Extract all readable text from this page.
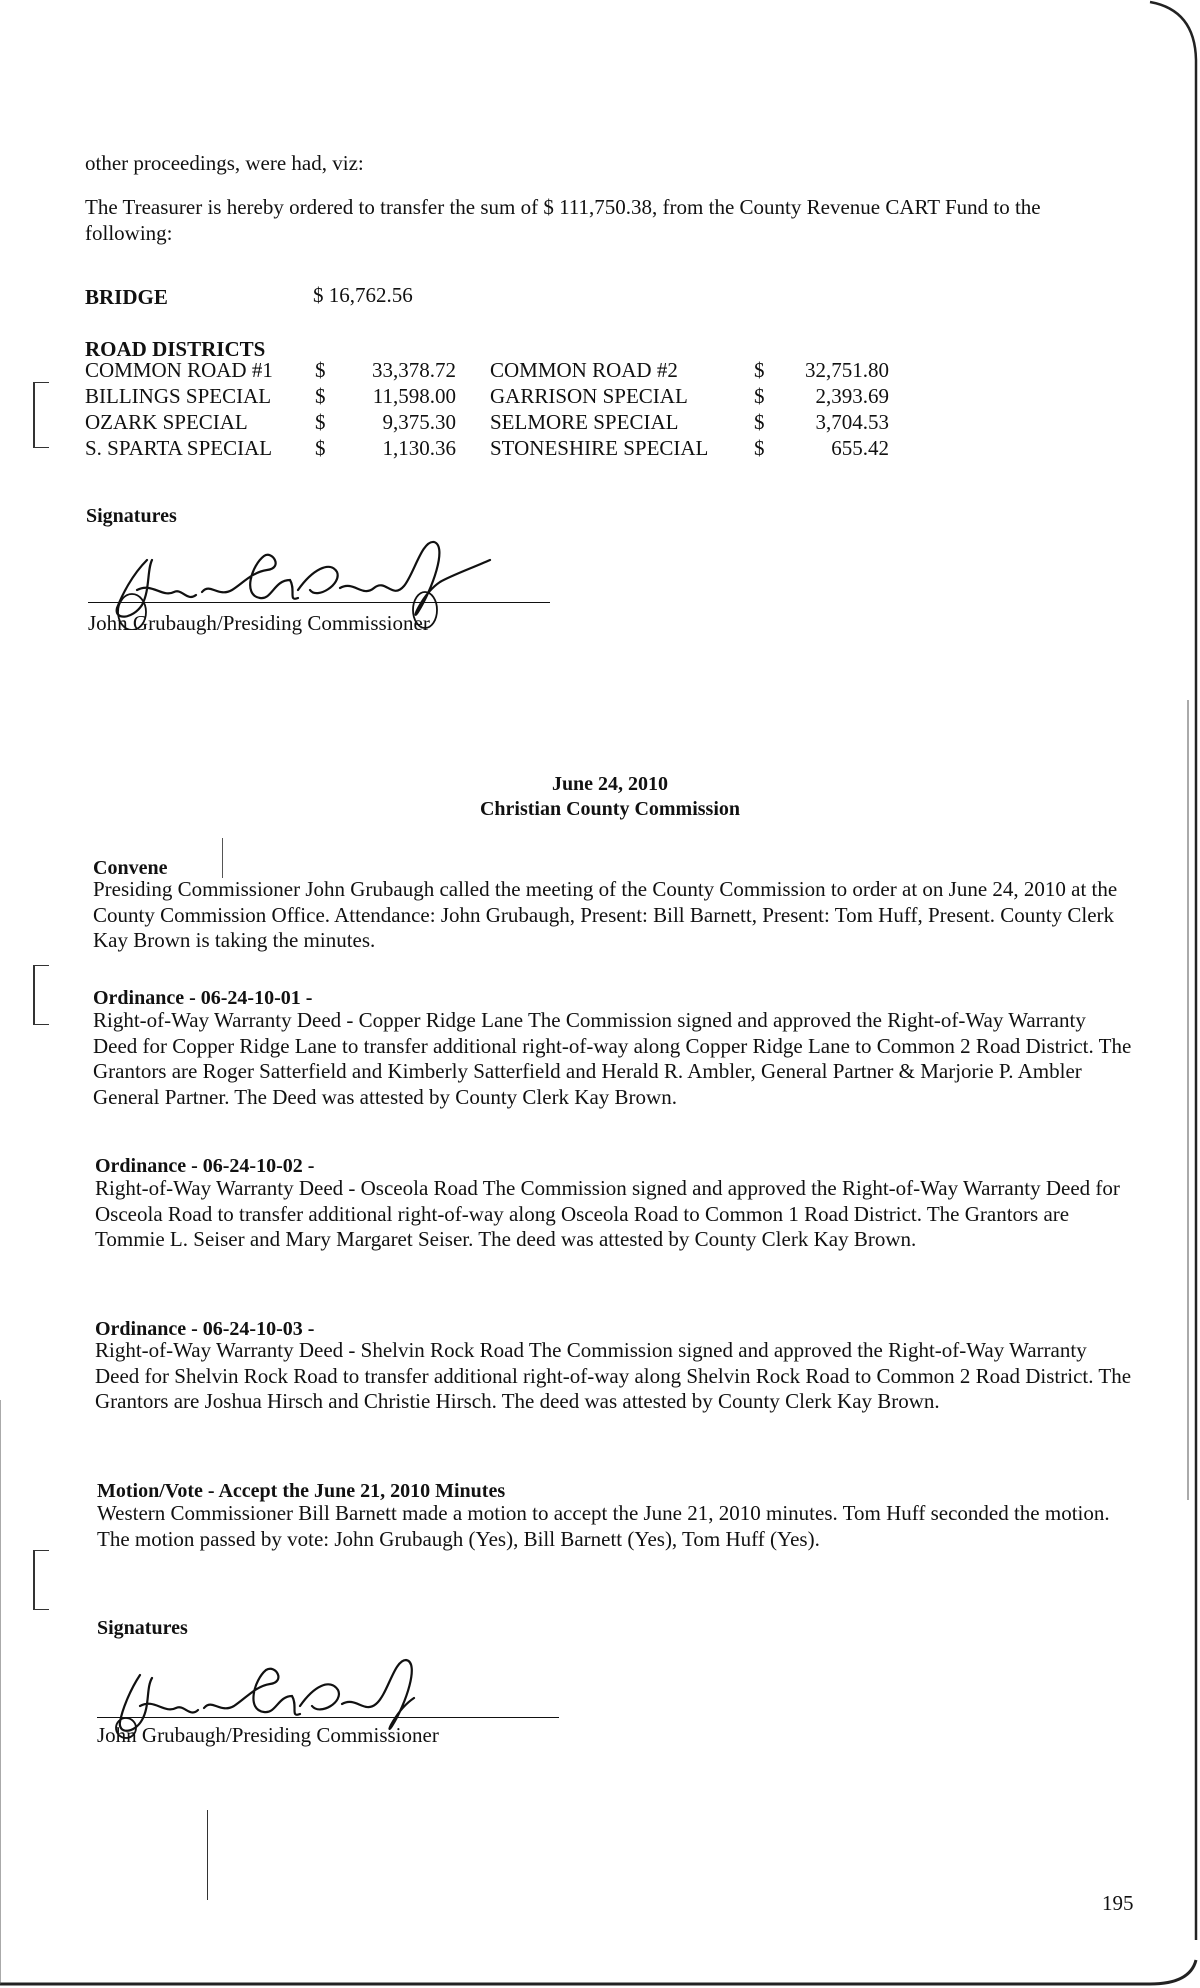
other proceedings, were had, viz:

The Treasurer is hereby ordered to transfer the sum of $ 111,750.38, from the County Revenue CART Fund to the following:

BRIDGE	$ 16,762.56

ROAD DISTRICTS

COMMON ROAD #1	$	33,378.72		COMMON ROAD #2	$	32,751.80
BILLINGS SPECIAL	$	11,598.00		GARRISON SPECIAL	$	2,393.69
OZARK SPECIAL	$	9,375.30		SELMORE SPECIAL	$	3,704.53
S. SPARTA SPECIAL	$	1,130.36		STONESHIRE SPECIAL	$	655.42

Signatures

John Grubaugh/Presiding Commissioner

June 24, 2010

Christian County Commission

Convene

Presiding Commissioner John Grubaugh called the meeting of the County Commission to order at on June 24, 2010 at the County Commission Office. Attendance: John Grubaugh, Present: Bill Barnett, Present: Tom Huff, Present. County Clerk Kay Brown is taking the minutes.

Ordinance - 06-24-10-01 -

Right-of-Way Warranty Deed - Copper Ridge Lane The Commission signed and approved the Right-of-Way Warranty Deed for Copper Ridge Lane to transfer additional right-of-way along Copper Ridge Lane to Common 2 Road District. The Grantors are Roger Satterfield and Kimberly Satterfield and Herald R. Ambler, General Partner & Marjorie P. Ambler General Partner. The Deed was attested by County Clerk Kay Brown.

Ordinance - 06-24-10-02 -

Right-of-Way Warranty Deed - Osceola Road The Commission signed and approved the Right-of-Way Warranty Deed for Osceola Road to transfer additional right-of-way along Osceola Road to Common 1 Road District. The Grantors are Tommie L. Seiser and Mary Margaret Seiser. The deed was attested by County Clerk Kay Brown.

Ordinance - 06-24-10-03 -

Right-of-Way Warranty Deed - Shelvin Rock Road The Commission signed and approved the Right-of-Way Warranty Deed for Shelvin Rock Road to transfer additional right-of-way along Shelvin Rock Road to Common 2 Road District. The Grantors are Joshua Hirsch and Christie Hirsch. The deed was attested by County Clerk Kay Brown.

Motion/Vote - Accept the June 21, 2010 Minutes

Western Commissioner Bill Barnett made a motion to accept the June 21, 2010 minutes. Tom Huff seconded the motion. The motion passed by vote: John Grubaugh (Yes), Bill Barnett (Yes), Tom Huff (Yes).

Signatures

John Grubaugh/Presiding Commissioner

195
